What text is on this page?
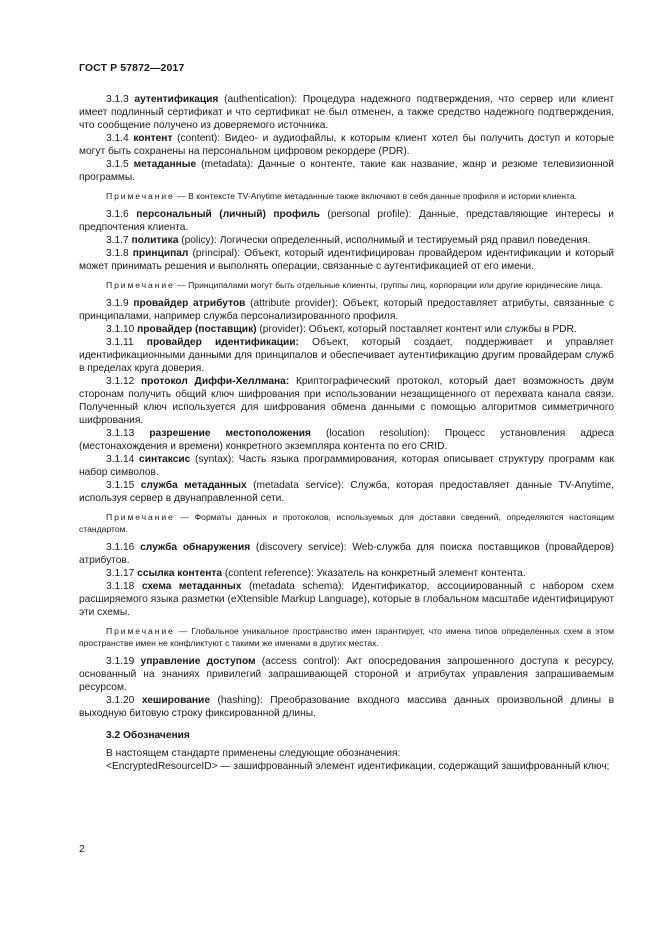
ГОСТ Р 57872—2017

3.1.3 аутентификация (authentication): Процедура надежного подтверждения, что сервер или клиент имеет подлинный сертификат и что сертификат не был отменен, а также средство надежного подтверждения, что сообщение получено из доверяемого источника.

3.1.4 контент (content): Видео- и аудиофайлы, к которым клиент хотел бы получить доступ и которые могут быть сохранены на персональном цифровом рекордере (PDR).

3.1.5 метаданные (metadata): Данные о контенте, такие как название, жанр и резюме телевизионной программы.

Примечание — В контексте TV-Anytime метаданные также включают в себя данные профиля и истории клиента.

3.1.6 персональный (личный) профиль (personal profile): Данные, представляющие интересы и предпочтения клиента.

3.1.7 политика (policy): Логически определенный, исполнимый и тестируемый ряд правил поведения.

3.1.8 принципал (principal): Объект, который идентифицирован провайдером идентификации и который может принимать решения и выполнять операции, связанные с аутентификацией от его имени.

Примечание — Принципалами могут быть отдельные клиенты, группы лиц, корпорации или другие юридические лица.

3.1.9 провайдер атрибутов (attribute provider): Объект, который предоставляет атрибуты, связанные с принципалами, например служба персонализированного профиля.

3.1.10 провайдер (поставщик) (provider): Объект, который поставляет контент или службы в PDR.

3.1.11 провайдер идентификации: Объект, который создает, поддерживает и управляет идентификационными данными для принципалов и обеспечивает аутентификацию другим провайдерам служб в пределах круга доверия.

3.1.12 протокол Диффи-Хеллмана: Криптографический протокол, который дает возможность двум сторонам получить общий ключ шифрования при использовании незащищенного от перехвата канала связи. Полученный ключ используется для шифрования обмена данными с помощью алгоритмов симметричного шифрования.

3.1.13 разрешение местоположения (location resolution): Процесс установления адреса (местонахождения и времени) конкретного экземпляра контента по его CRID.

3.1.14 синтаксис (syntax): Часть языка программирования, которая описывает структуру программ как набор символов.

3.1.15 служба метаданных (metadata service): Служба, которая предоставляет данные TV-Anytime, используя сервер в двунаправленной сети.

Примечание — Форматы данных и протоколов, используемых для доставки сведений, определяются настоящим стандартом.

3.1.16 служба обнаружения (discovery service): Web-служба для поиска поставщиков (провайдеров) атрибутов.

3.1.17 ссылка контента (content reference): Указатель на конкретный элемент контента.

3.1.18 схема метаданных (metadata schema): Идентификатор, ассоциированный с набором схем расширяемого языка разметки (eXtensible Markup Language), которые в глобальном масштабе идентифицируют эти схемы.

Примечание — Глобальное уникальное пространство имен гарантирует, что имена типов определенных схем в этом пространстве имен не конфликтуют с такими же именами в других местах.

3.1.19 управление доступом (access control): Акт опосредования запрошенного доступа к ресурсу, основанный на знаниях привилегий запрашивающей стороной и атрибутах управления запрашиваемым ресурсом.

3.1.20 хеширование (hashing): Преобразование входного массива данных произвольной длины в выходную битовую строку фиксированной длины.

3.2 Обозначения

В настоящем стандарте применены следующие обозначения:

<EncryptedResourceID> — зашифрованный элемент идентификации, содержащий зашифрованный ключ;

2
